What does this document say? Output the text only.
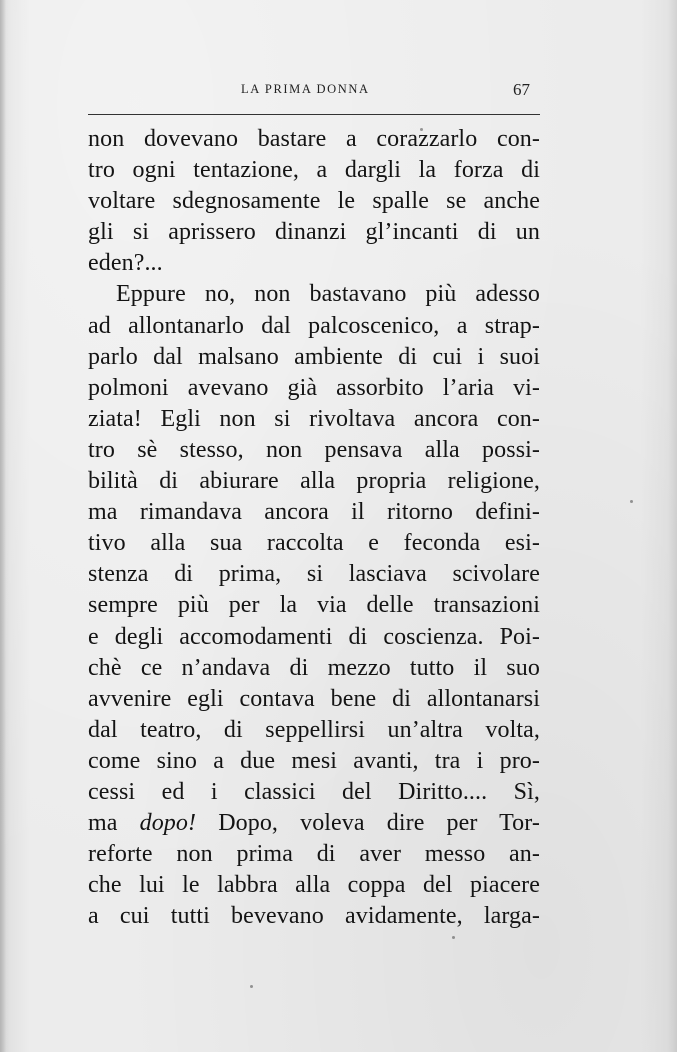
LA PRIMA DONNA	67
non dovevano bastare a corazzarlo con-
tro ogni tentazione, a dargli la forza di
voltare sdegnosamente le spalle se anche
gli si aprissero dinanzi gl’incanti di un
eden?...
Eppure no, non bastavano più adesso
ad allontanarlo dal palcoscenico, a strap-
parlo dal malsano ambiente di cui i suoi
polmoni avevano già assorbito l’aria vi-
ziata! Egli non si rivoltava ancora con-
tro sè stesso, non pensava alla possi-
bilità di abiurare alla propria religione,
ma rimandava ancora il ritorno defini-
tivo alla sua raccolta e feconda esi-
stenza di prima, si lasciava scivolare
sempre più per la via delle transazioni
e degli accomodamenti di coscienza. Poi-
chè ce n’andava di mezzo tutto il suo
avvenire egli contava bene di allontanarsi
dal teatro, di seppellirsi un’altra volta,
come sino a due mesi avanti, tra i pro-
cessi ed i classici del Diritto.... Sì,
ma dopo! Dopo, voleva dire per Tor-
reforte non prima di aver messo an-
che lui le labbra alla coppa del piacere
a cui tutti bevevano avidamente, larga-
